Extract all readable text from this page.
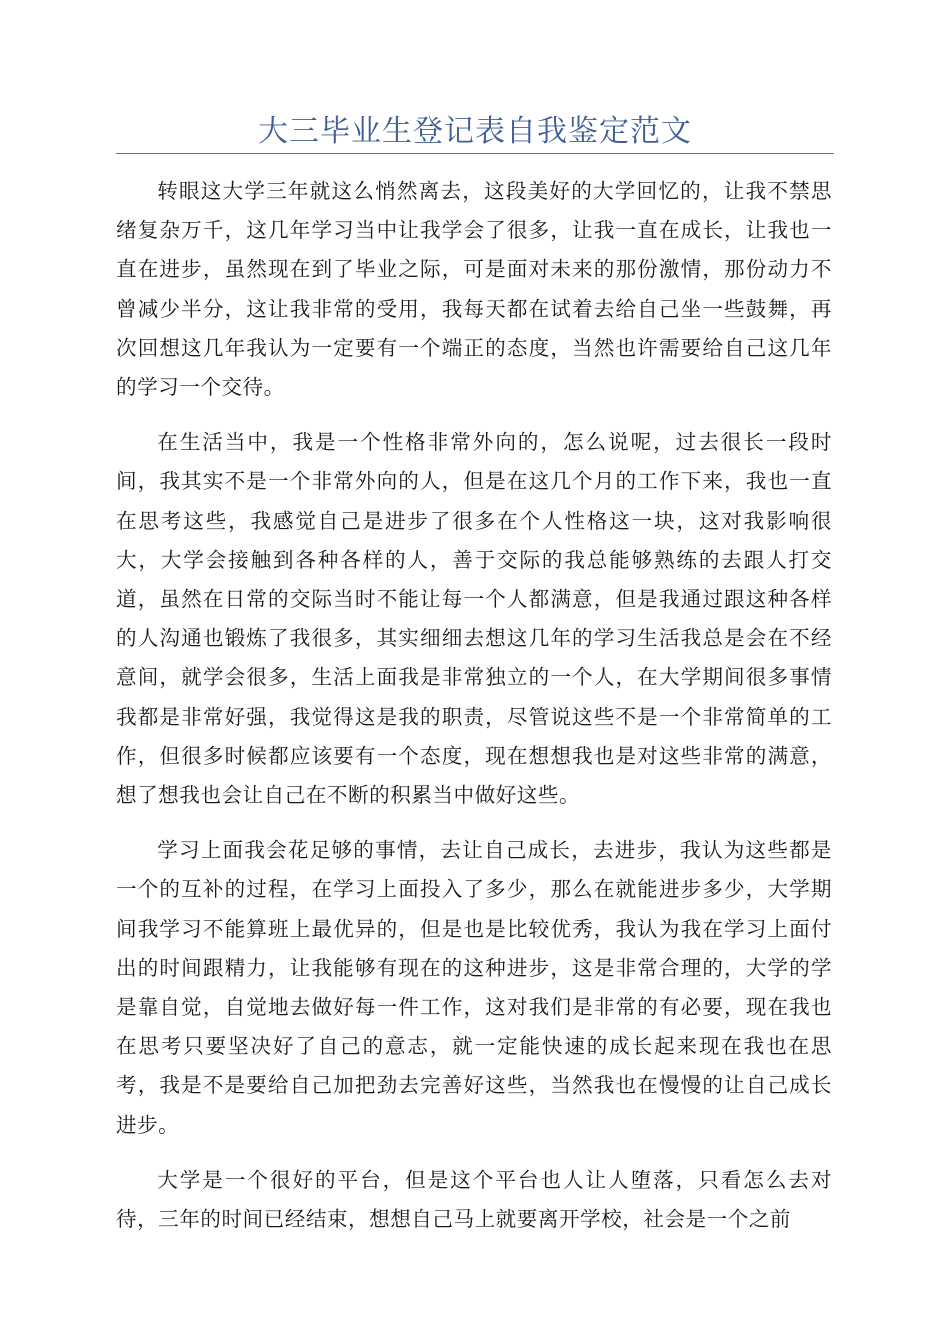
大三毕业生登记表自我鉴定范文

转眼这大学三年就这么悄然离去，这段美好的大学回忆的，让我不禁思绪复杂万千，这几年学习当中让我学会了很多，让我一直在成长，让我也一直在进步，虽然现在到了毕业之际，可是面对未来的那份激情，那份动力不曾减少半分，这让我非常的受用，我每天都在试着去给自己坐一些鼓舞，再次回想这几年我认为一定要有一个端正的态度，当然也许需要给自己这几年的学习一个交待。

在生活当中，我是一个性格非常外向的，怎么说呢，过去很长一段时间，我其实不是一个非常外向的人，但是在这几个月的工作下来，我也一直在思考这些，我感觉自己是进步了很多在个人性格这一块，这对我影响很大，大学会接触到各种各样的人，善于交际的我总能够熟练的去跟人打交道，虽然在日常的交际当时不能让每一个人都满意，但是我通过跟这种各样的人沟通也锻炼了我很多，其实细细去想这几年的学习生活我总是会在不经意间，就学会很多，生活上面我是非常独立的一个人，在大学期间很多事情我都是非常好强，我觉得这是我的职责，尽管说这些不是一个非常简单的工作，但很多时候都应该要有一个态度，现在想想我也是对这些非常的满意，想了想我也会让自己在不断的积累当中做好这些。

学习上面我会花足够的事情，去让自己成长，去进步，我认为这些都是一个的互补的过程，在学习上面投入了多少，那么在就能进步多少，大学期间我学习不能算班上最优异的，但是也是比较优秀，我认为我在学习上面付出的时间跟精力，让我能够有现在的这种进步，这是非常合理的，大学的学是靠自觉，自觉地去做好每一件工作，这对我们是非常的有必要，现在我也在思考只要坚决好了自己的意志，就一定能快速的成长起来现在我也在思考，我是不是要给自己加把劲去完善好这些，当然我也在慢慢的让自己成长进步。

大学是一个很好的平台，但是这个平台也人让人堕落，只看怎么去对待，三年的时间已经结束，想想自己马上就要离开学校，社会是一个之前
